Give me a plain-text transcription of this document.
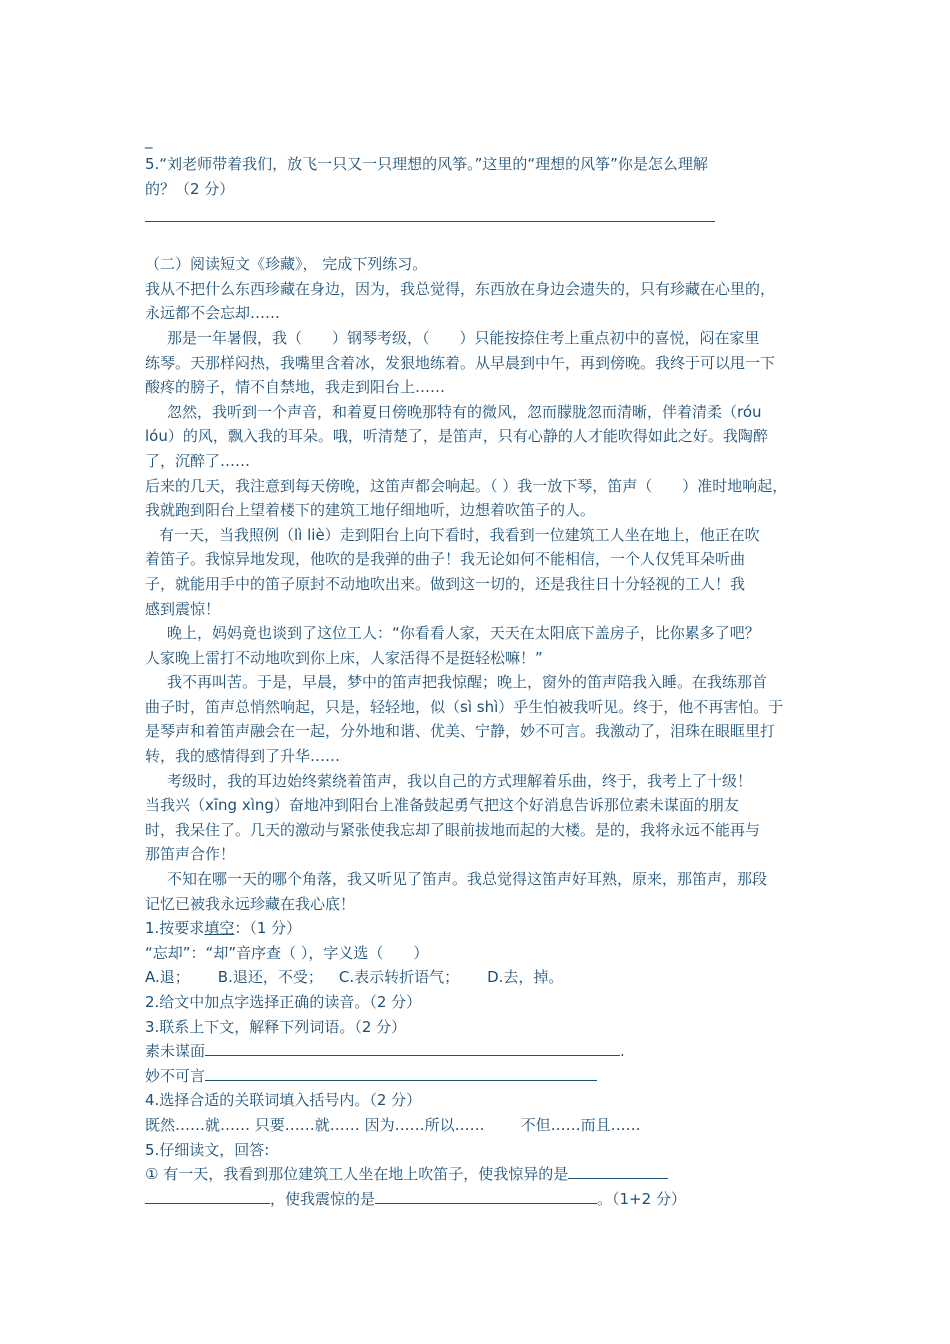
_
5.“刘老师带着我们，放飞一只又一只理想的风筝。”这里的“理想的风筝”你是怎么理解
的？（2 分）
（二）阅读短文《珍藏》， 完成下列练习。
我从不把什么东西珍藏在身边，因为，我总觉得，东西放在身边会遗失的，只有珍藏在心里的，
永远都不会忘却……
那是一年暑假，我（　　）钢琴考级，（　　）只能按捺住考上重点初中的喜悦，闷在家里
练琴。天那样闷热，我嘴里含着冰，发狠地练着。从早晨到中午，再到傍晚。我终于可以甩一下
酸疼的膀子，情不自禁地，我走到阳台上……
忽然，我听到一个声音，和着夏日傍晚那特有的微风，忽而朦胧忽而清晰，伴着清柔（róu
lóu）的风，飘入我的耳朵。哦，听清楚了，是笛声，只有心静的人才能吹得如此之好。我陶醉
了，沉醉了……
后来的几天，我注意到每天傍晚，这笛声都会响起。（ ）我一放下琴，笛声（　　）准时地响起，
我就跑到阳台上望着楼下的建筑工地仔细地听，边想着吹笛子的人。
有一天，当我照例（lì liè）走到阳台上向下看时，我看到一位建筑工人坐在地上，他正在吹
着笛子。我惊异地发现，他吹的是我弹的曲子！我无论如何不能相信，一个人仅凭耳朵听曲
子，就能用手中的笛子原封不动地吹出来。做到这一切的，还是我往日十分轻视的工人！我
感到震惊！
晚上，妈妈竟也谈到了这位工人：“你看看人家，天天在太阳底下盖房子，比你累多了吧？
人家晚上雷打不动地吹到你上床，人家活得不是挺轻松嘛！”
我不再叫苦。于是，早晨，梦中的笛声把我惊醒；晚上，窗外的笛声陪我入睡。在我练那首
曲子时，笛声总悄然响起，只是，轻轻地，似（sì shì）乎生怕被我听见。终于，他不再害怕。于
是琴声和着笛声融会在一起，分外地和谐、优美、宁静，妙不可言。我激动了，泪珠在眼眶里打
转，我的感情得到了升华……
考级时，我的耳边始终萦绕着笛声，我以自己的方式理解着乐曲，终于，我考上了十级！
当我兴（xīng xìng）奋地冲到阳台上准备鼓起勇气把这个好消息告诉那位素未谋面的朋友
时，我呆住了。几天的激动与紧张使我忘却了眼前拔地而起的大楼。是的，我将永远不能再与
那笛声合作！
不知在哪一天的哪个角落，我又听见了笛声。我总觉得这笛声好耳熟，原来，那笛声，那段
记忆已被我永远珍藏在我心底！
1.按要求填空：（1 分）
“忘却”：“却”音序查（ ），字义选（　　）
A.退； B.退还，不受； C.表示转折语气； D.去，掉。
2.给文中加点字选择正确的读音。（2 分）
3.联系上下文，解释下列词语。（2 分）
素未谋面	.
妙不可言
4.选择合适的关联词填入括号内。（2 分）
既然……就…… 只要……就…… 因为……所以…… 不但……而且……
5.仔细读文，回答:
① 有一天，我看到那位建筑工人坐在地上吹笛子，使我惊异的是
，使我震惊的是	。（1+2 分）
